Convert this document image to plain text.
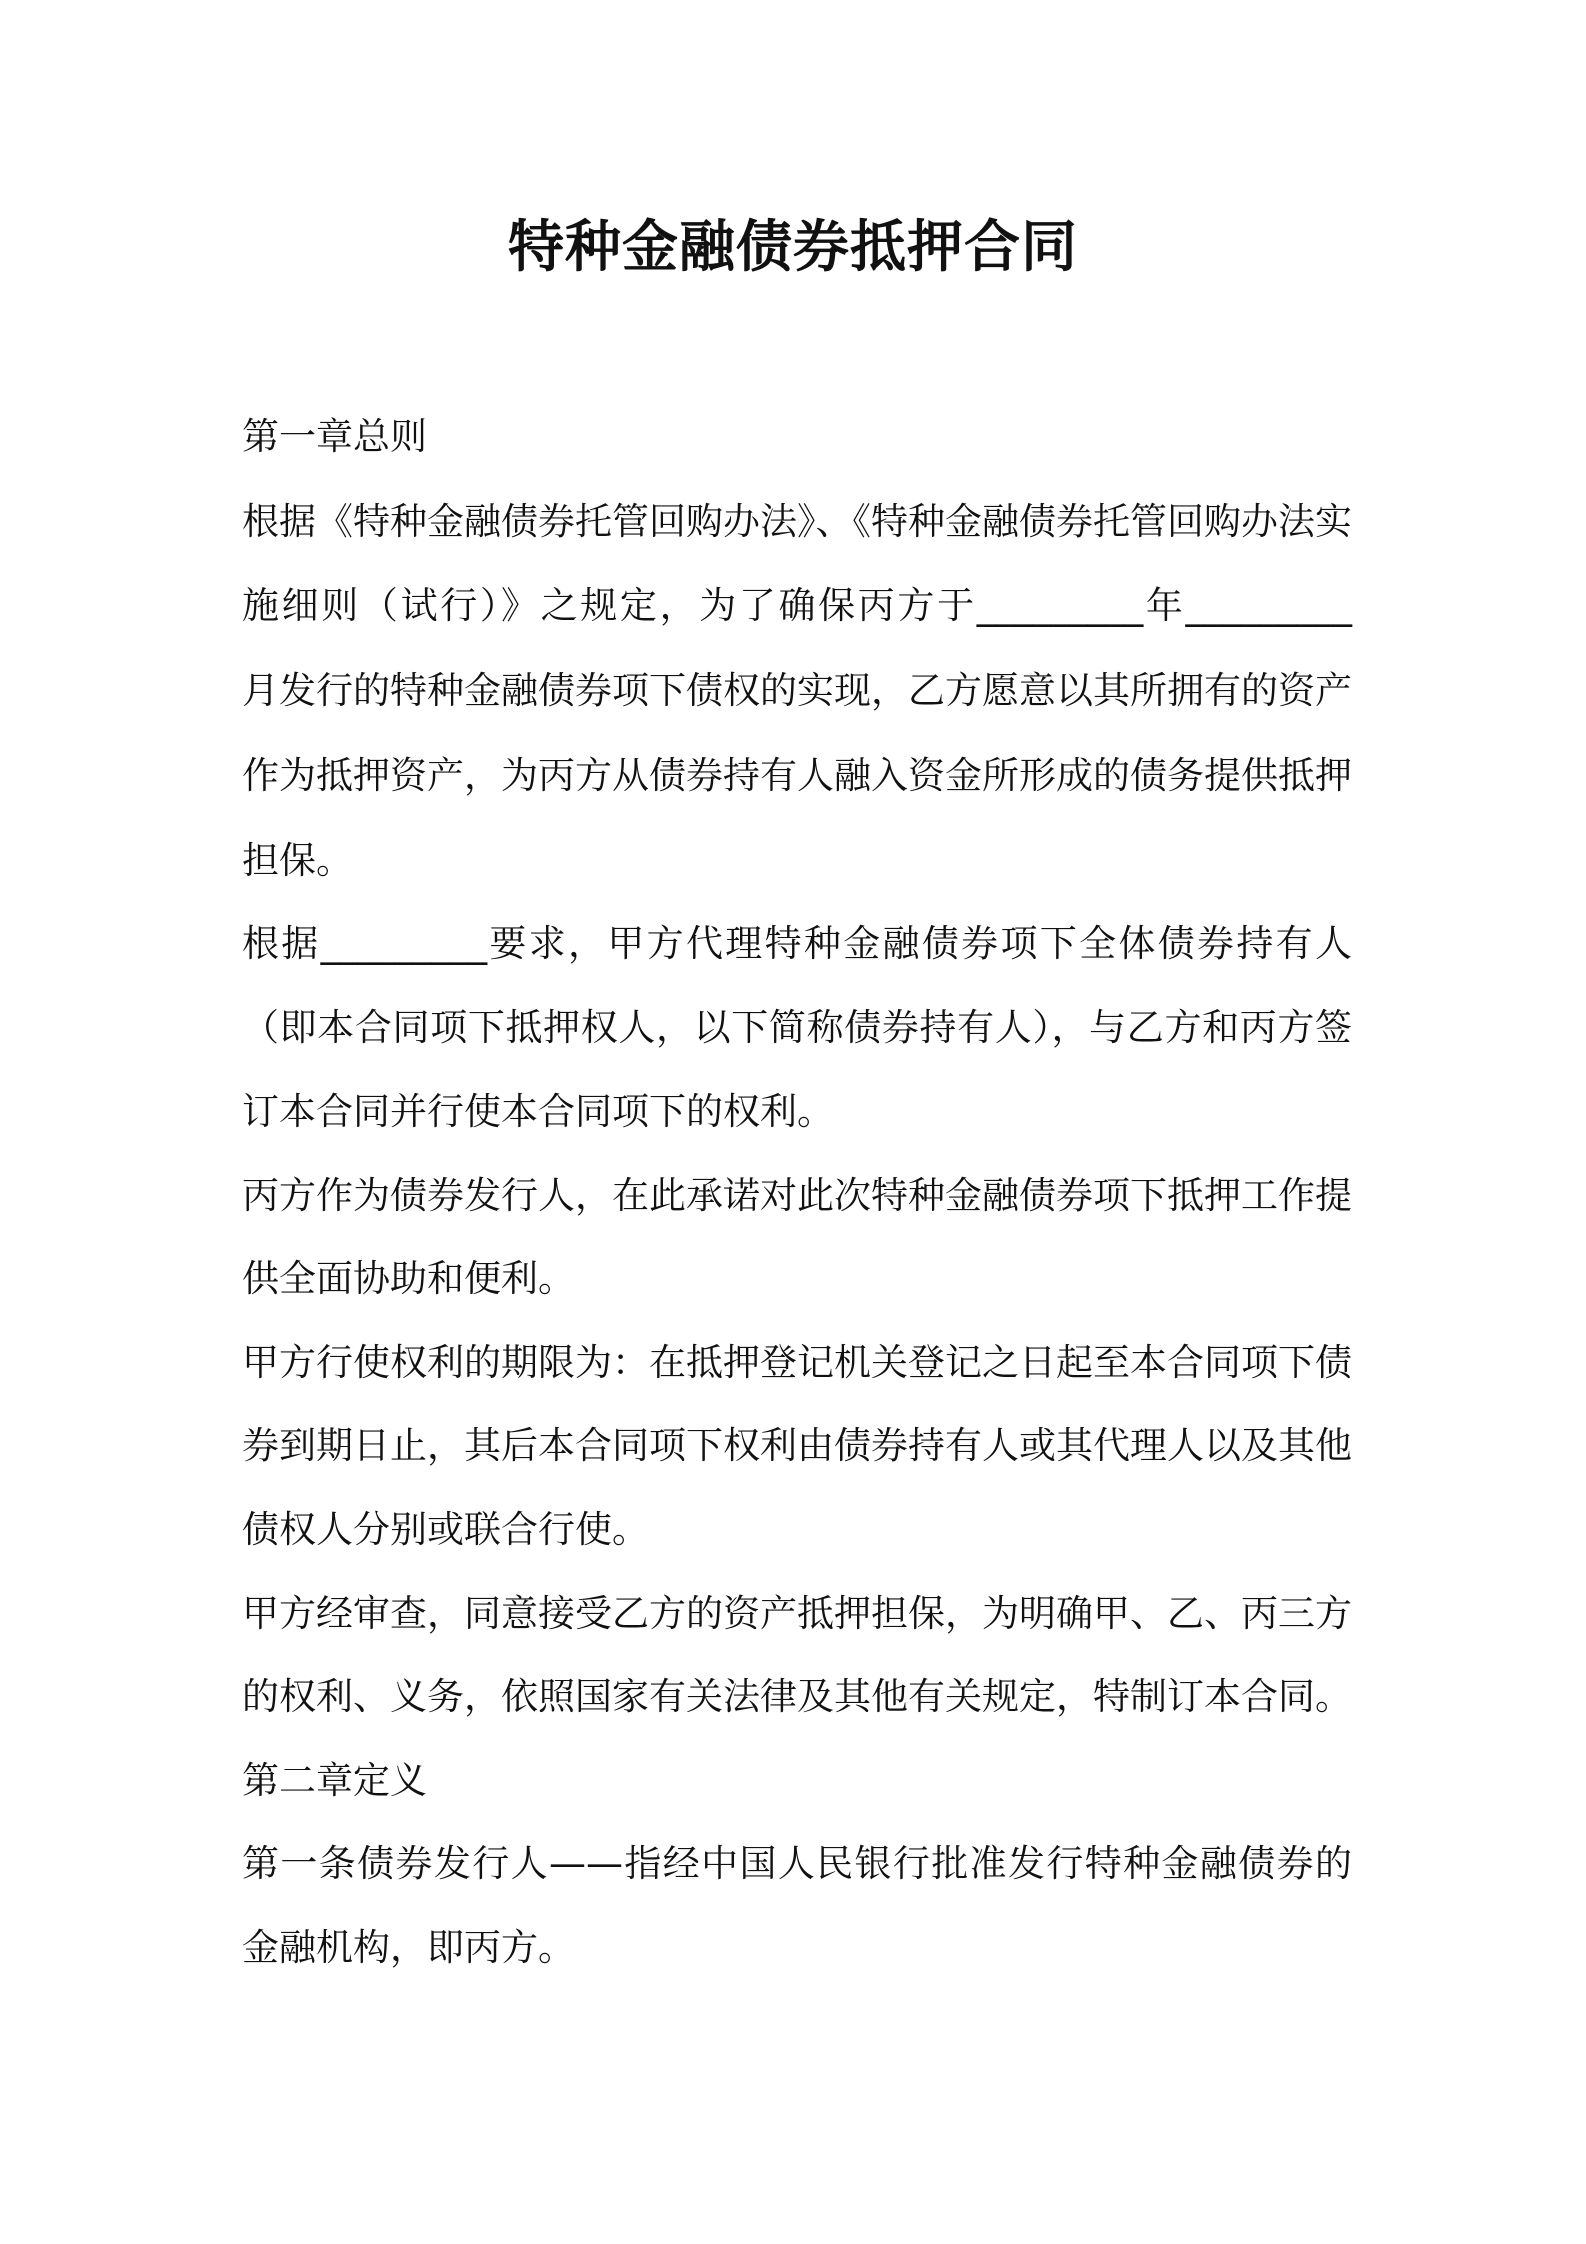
特种金融债券抵押合同

第一章总则

根据《特种金融债券托管回购办法》、《特种金融债券托管回购办法实

施细则（试行）》之规定，为了确保丙方于_________年_________

月发行的特种金融债券项下债权的实现，乙方愿意以其所拥有的资产

作为抵押资产，为丙方从债券持有人融入资金所形成的债务提供抵押

担保。

根据_________要求，甲方代理特种金融债券项下全体债券持有人

（即本合同项下抵押权人，以下简称债券持有人），与乙方和丙方签

订本合同并行使本合同项下的权利。

丙方作为债券发行人，在此承诺对此次特种金融债券项下抵押工作提

供全面协助和便利。

甲方行使权利的期限为：在抵押登记机关登记之日起至本合同项下债

券到期日止，其后本合同项下权利由债券持有人或其代理人以及其他

债权人分别或联合行使。

甲方经审查，同意接受乙方的资产抵押担保，为明确甲、乙、丙三方

的权利、义务，依照国家有关法律及其他有关规定，特制订本合同。

第二章定义

第一条债券发行人——指经中国人民银行批准发行特种金融债券的

金融机构，即丙方。
